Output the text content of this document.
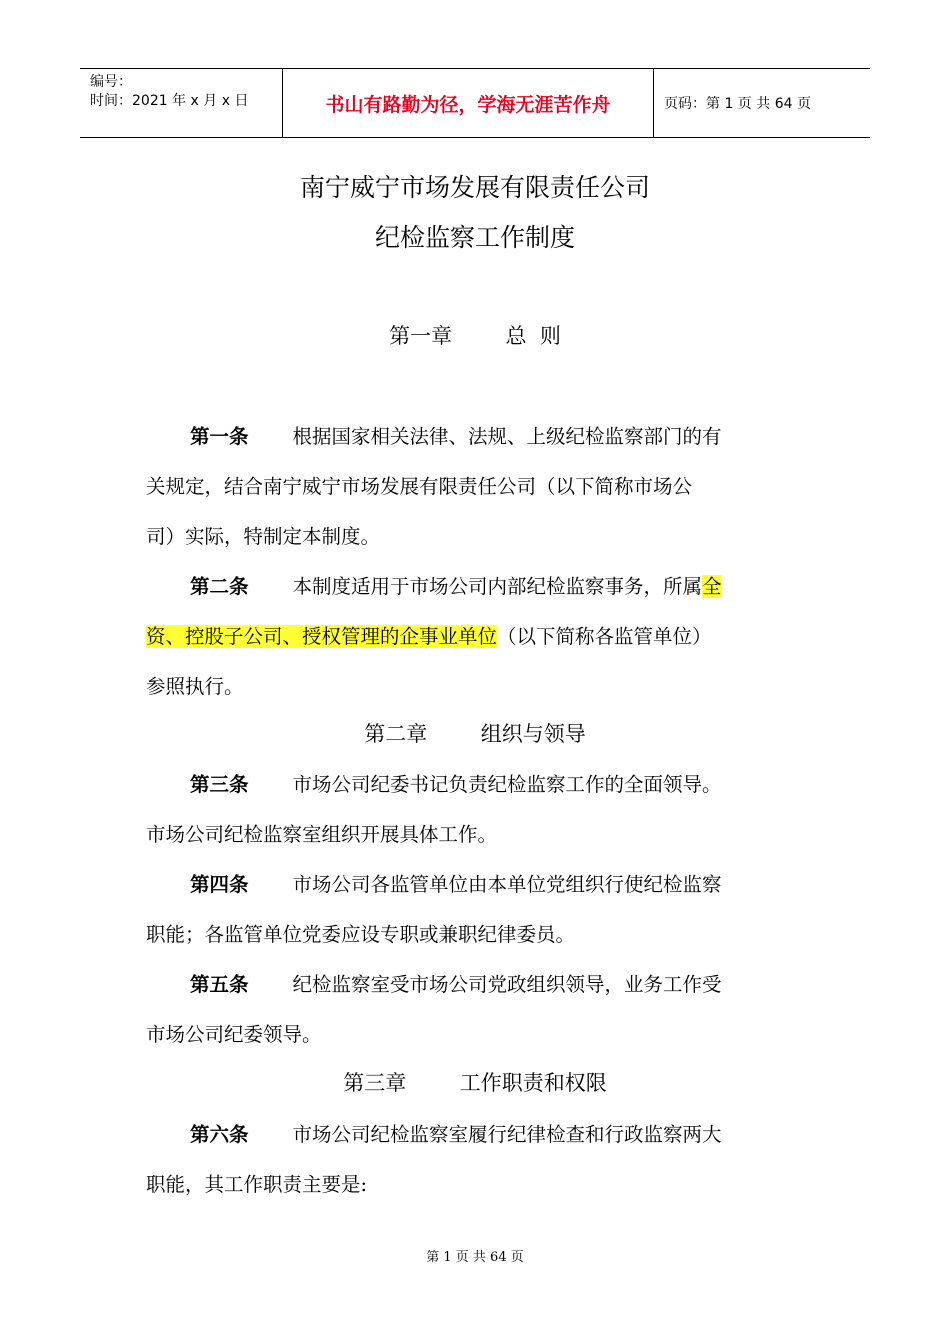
编号：
时间：2021 年 x 月 x 日	书山有路勤为径，学海无涯苦作舟	页码：第 1 页 共 64 页
南宁威宁市场发展有限责任公司
纪检监察工作制度
第一章        总  则
第一条 根据国家相关法律、法规、上级纪检监察部门的有
关规定，结合南宁威宁市场发展有限责任公司（以下简称市场公
司）实际，特制定本制度。
第二条 本制度适用于市场公司内部纪检监察事务，所属全
资、控股子公司、授权管理的企事业单位（以下简称各监管单位）
参照执行。
第二章        组织与领导
第三条 市场公司纪委书记负责纪检监察工作的全面领导。
市场公司纪检监察室组织开展具体工作。
第四条 市场公司各监管单位由本单位党组织行使纪检监察
职能；各监管单位党委应设专职或兼职纪律委员。
第五条 纪检监察室受市场公司党政组织领导，业务工作受
市场公司纪委领导。
第三章        工作职责和权限
第六条 市场公司纪检监察室履行纪律检查和行政监察两大
职能，其工作职责主要是:
第 1 页 共 64 页
